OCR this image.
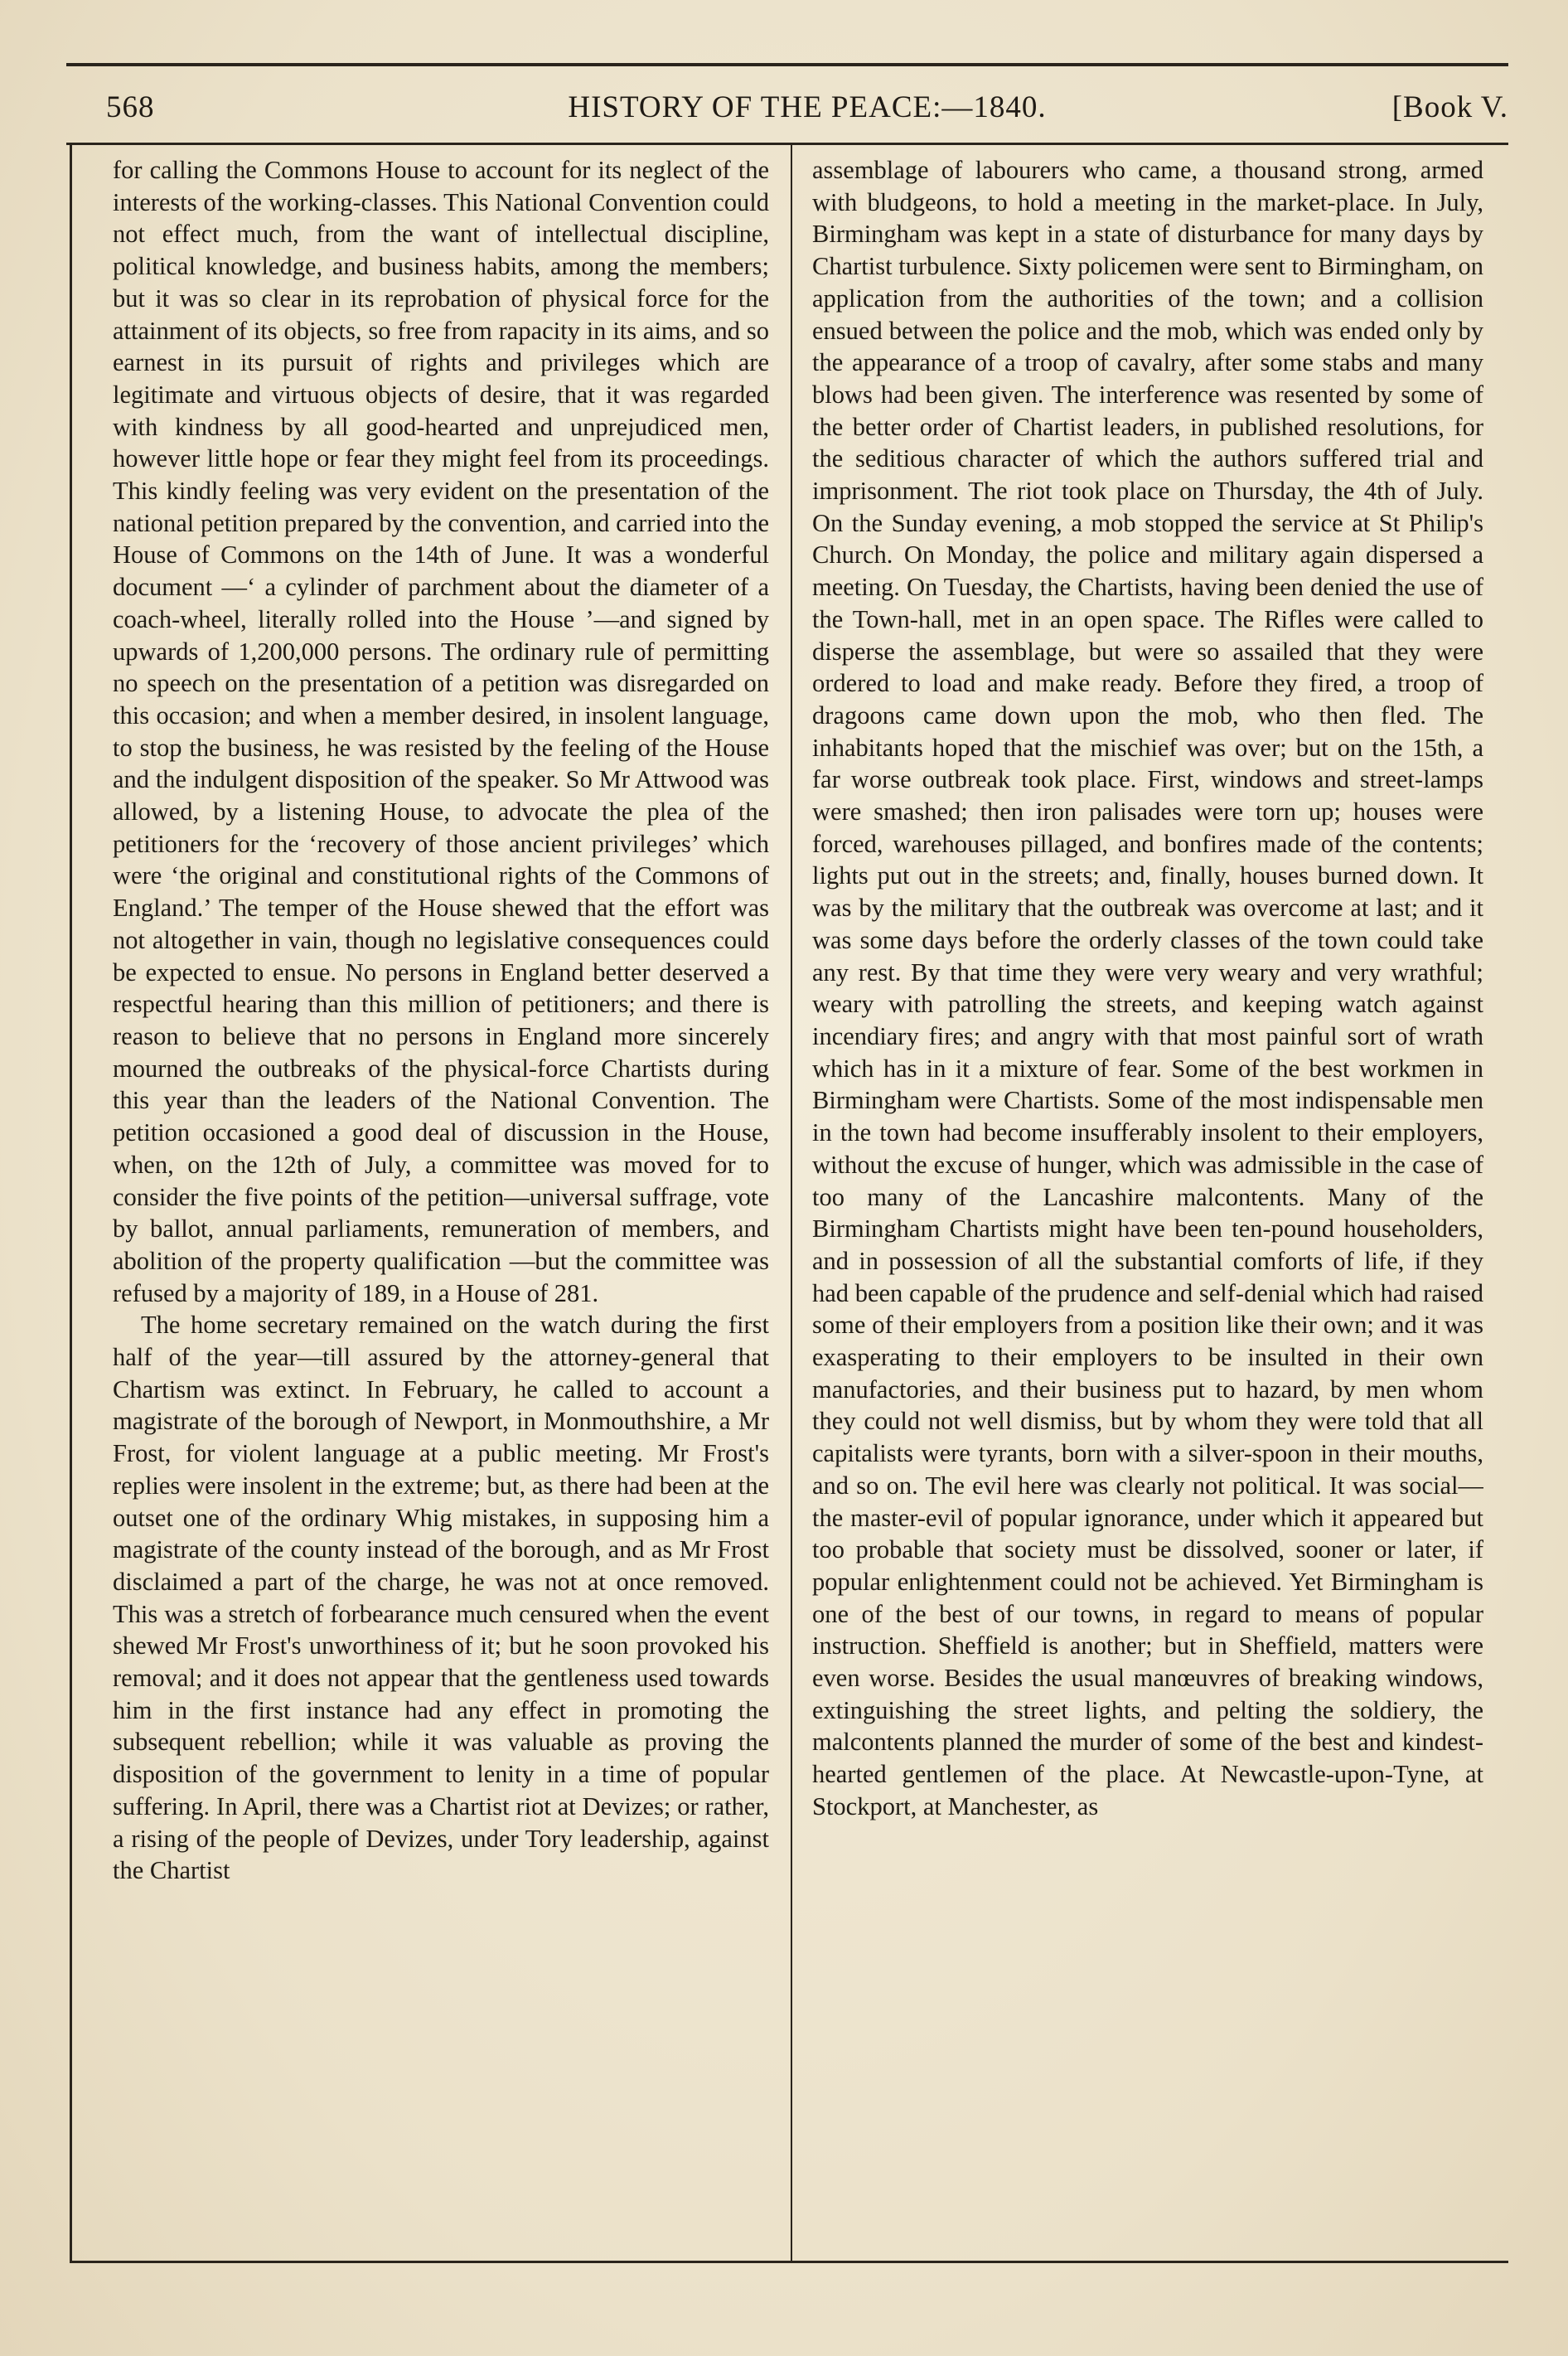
568	HISTORY OF THE PEACE:—1840.	[Book V.

for calling the Commons House to account for its neglect of the interests of the working-classes. This National Convention could not effect much, from the want of intellectual discipline, political knowledge, and business habits, among the members; but it was so clear in its reprobation of physical force for the attainment of its objects, so free from rapacity in its aims, and so earnest in its pursuit of rights and privileges which are legitimate and virtuous objects of desire, that it was regarded with kindness by all good-hearted and unprejudiced men, however little hope or fear they might feel from its proceedings. This kindly feeling was very evident on the presentation of the national petition prepared by the convention, and carried into the House of Commons on the 14th of June. It was a wonderful document —‘ a cylinder of parchment about the diameter of a coach-wheel, literally rolled into the House ’—and signed by upwards of 1,200,000 persons. The ordinary rule of permitting no speech on the presentation of a petition was disregarded on this occasion; and when a member desired, in insolent language, to stop the business, he was resisted by the feeling of the House and the indulgent disposition of the speaker. So Mr Attwood was allowed, by a listening House, to advocate the plea of the petitioners for the ‘recovery of those ancient privileges’ which were ‘the original and constitutional rights of the Commons of England.’ The temper of the House shewed that the effort was not altogether in vain, though no legislative consequences could be expected to ensue. No persons in England better deserved a respectful hearing than this million of petitioners; and there is reason to believe that no persons in England more sincerely mourned the outbreaks of the physical-force Chartists during this year than the leaders of the National Convention. The petition occasioned a good deal of discussion in the House, when, on the 12th of July, a committee was moved for to consider the five points of the petition—universal suffrage, vote by ballot, annual parliaments, remuneration of members, and abolition of the property qualification —but the committee was refused by a majority of 189, in a House of 281.

The home secretary remained on the watch during the first half of the year—till assured by the attorney-general that Chartism was extinct. In February, he called to account a magistrate of the borough of Newport, in Monmouthshire, a Mr Frost, for violent language at a public meeting. Mr Frost's replies were insolent in the extreme; but, as there had been at the outset one of the ordinary Whig mistakes, in supposing him a magistrate of the county instead of the borough, and as Mr Frost disclaimed a part of the charge, he was not at once removed. This was a stretch of forbearance much censured when the event shewed Mr Frost's unworthiness of it; but he soon provoked his removal; and it does not appear that the gentleness used towards him in the first instance had any effect in promoting the subsequent rebellion; while it was valuable as proving the disposition of the government to lenity in a time of popular suffering. In April, there was a Chartist riot at Devizes; or rather, a rising of the people of Devizes, under Tory leadership, against the Chartist

assemblage of labourers who came, a thousand strong, armed with bludgeons, to hold a meeting in the market-place. In July, Birmingham was kept in a state of disturbance for many days by Chartist turbulence. Sixty policemen were sent to Birmingham, on application from the authorities of the town; and a collision ensued between the police and the mob, which was ended only by the appearance of a troop of cavalry, after some stabs and many blows had been given. The interference was resented by some of the better order of Chartist leaders, in published resolutions, for the seditious character of which the authors suffered trial and imprisonment. The riot took place on Thursday, the 4th of July. On the Sunday evening, a mob stopped the service at St Philip's Church. On Monday, the police and military again dispersed a meeting. On Tuesday, the Chartists, having been denied the use of the Town-hall, met in an open space. The Rifles were called to disperse the assemblage, but were so assailed that they were ordered to load and make ready. Before they fired, a troop of dragoons came down upon the mob, who then fled. The inhabitants hoped that the mischief was over; but on the 15th, a far worse outbreak took place. First, windows and street-lamps were smashed; then iron palisades were torn up; houses were forced, warehouses pillaged, and bonfires made of the contents; lights put out in the streets; and, finally, houses burned down. It was by the military that the outbreak was overcome at last; and it was some days before the orderly classes of the town could take any rest. By that time they were very weary and very wrathful; weary with patrolling the streets, and keeping watch against incendiary fires; and angry with that most painful sort of wrath which has in it a mixture of fear. Some of the best workmen in Birmingham were Chartists. Some of the most indispensable men in the town had become insufferably insolent to their employers, without the excuse of hunger, which was admissible in the case of too many of the Lancashire malcontents. Many of the Birmingham Chartists might have been ten-pound householders, and in possession of all the substantial comforts of life, if they had been capable of the prudence and self-denial which had raised some of their employers from a position like their own; and it was exasperating to their employers to be insulted in their own manufactories, and their business put to hazard, by men whom they could not well dismiss, but by whom they were told that all capitalists were tyrants, born with a silver-spoon in their mouths, and so on. The evil here was clearly not political. It was social— the master-evil of popular ignorance, under which it appeared but too probable that society must be dissolved, sooner or later, if popular enlightenment could not be achieved. Yet Birmingham is one of the best of our towns, in regard to means of popular instruction. Sheffield is another; but in Sheffield, matters were even worse. Besides the usual manœuvres of breaking windows, extinguishing the street lights, and pelting the soldiery, the malcontents planned the murder of some of the best and kindest-hearted gentlemen of the place. At Newcastle-upon-Tyne, at Stockport, at Manchester, as
